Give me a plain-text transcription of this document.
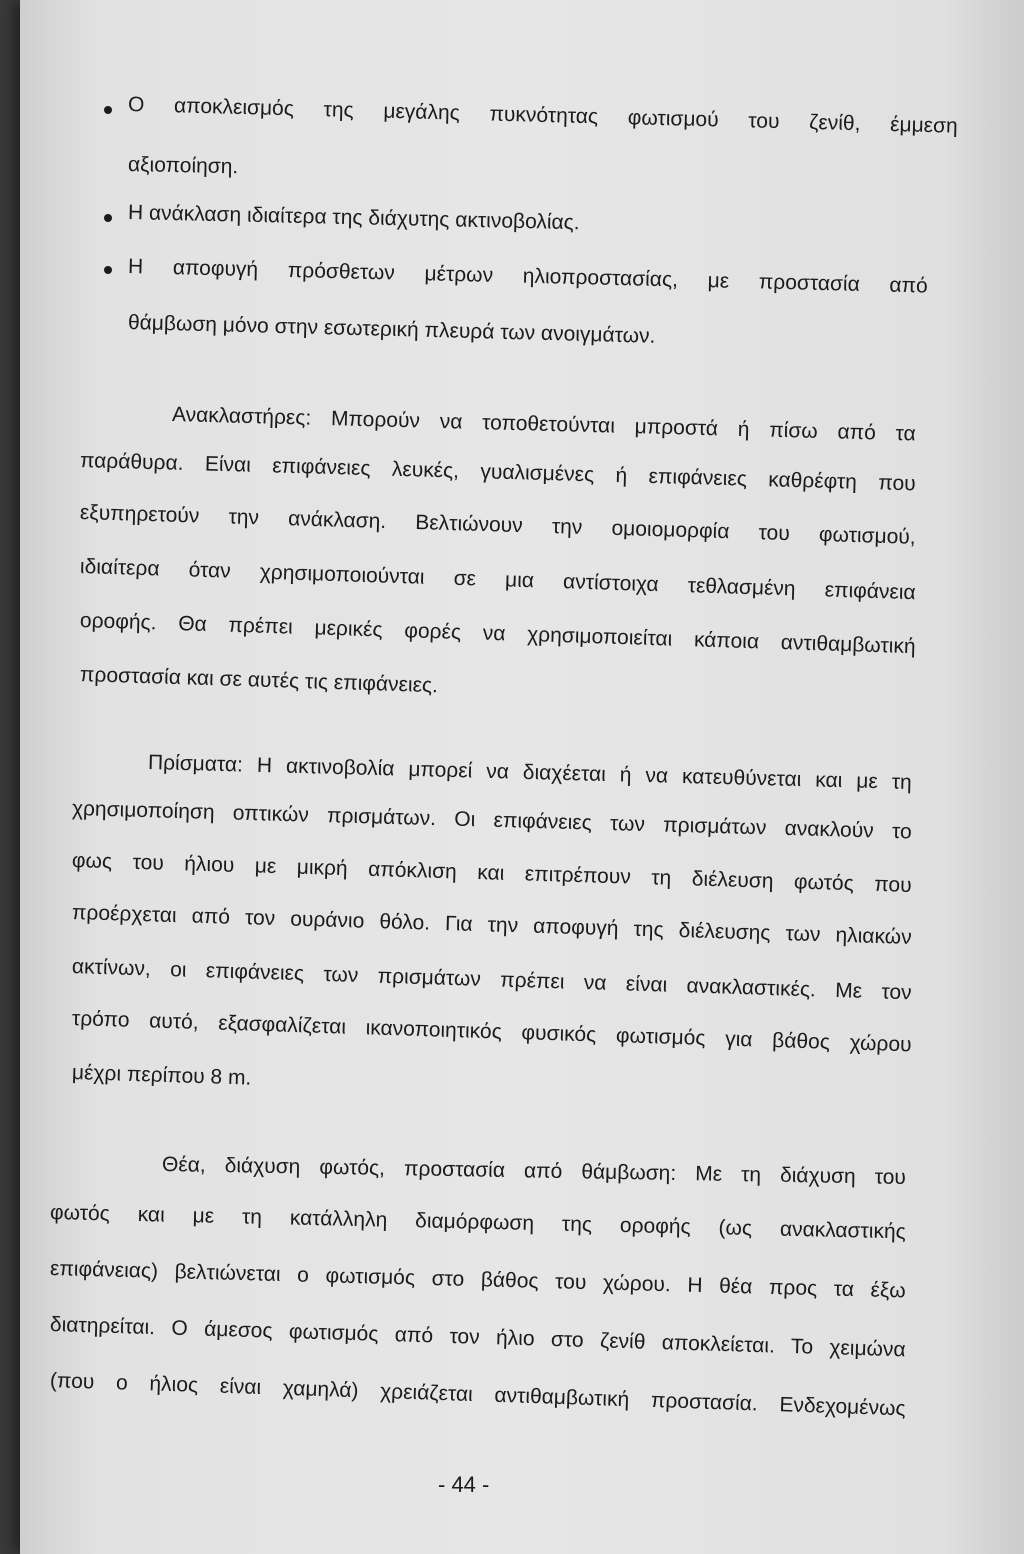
Ο αποκλεισμός της μεγάλης πυκνότητας φωτισμού του ζενίθ, έμμεση
αξιοποίηση.
Η ανάκλαση ιδιαίτερα της διάχυτης ακτινοβολίας.
Η αποφυγή πρόσθετων μέτρων ηλιοπροστασίας, με προστασία από
θάμβωση μόνο στην εσωτερική πλευρά των ανοιγμάτων.
Ανακλαστήρες: Μπορούν να τοποθετούνται μπροστά ή πίσω από τα
παράθυρα. Είναι επιφάνειες λευκές, γυαλισμένες ή επιφάνειες καθρέφτη που
εξυπηρετούν την ανάκλαση. Βελτιώνουν την ομοιομορφία του φωτισμού,
ιδιαίτερα όταν χρησιμοποιούνται σε μια αντίστοιχα τεθλασμένη επιφάνεια
οροφής. Θα πρέπει μερικές φορές να χρησιμοποιείται κάποια αντιθαμβωτική
προστασία και σε αυτές τις επιφάνειες.
Πρίσματα: Η ακτινοβολία μπορεί να διαχέεται ή να κατευθύνεται και με τη
χρησιμοποίηση οπτικών πρισμάτων. Οι επιφάνειες των πρισμάτων ανακλούν το
φως του ήλιου με μικρή απόκλιση και επιτρέπουν τη διέλευση φωτός που
προέρχεται από τον ουράνιο θόλο. Για την αποφυγή της διέλευσης των ηλιακών
ακτίνων, οι επιφάνειες των πρισμάτων πρέπει να είναι ανακλαστικές. Με τον
τρόπο αυτό, εξασφαλίζεται ικανοποιητικός φυσικός φωτισμός για βάθος χώρου
μέχρι περίπου 8 m.
Θέα, διάχυση φωτός, προστασία από θάμβωση: Με τη διάχυση του
φωτός και με τη κατάλληλη διαμόρφωση της οροφής (ως ανακλαστικής
επιφάνειας) βελτιώνεται ο φωτισμός στο βάθος του χώρου. Η θέα προς τα έξω
διατηρείται. Ο άμεσος φωτισμός από τον ήλιο στο ζενίθ αποκλείεται. Το χειμώνα
(που ο ήλιος είναι χαμηλά) χρειάζεται αντιθαμβωτική προστασία. Ενδεχομένως
- 44 -
